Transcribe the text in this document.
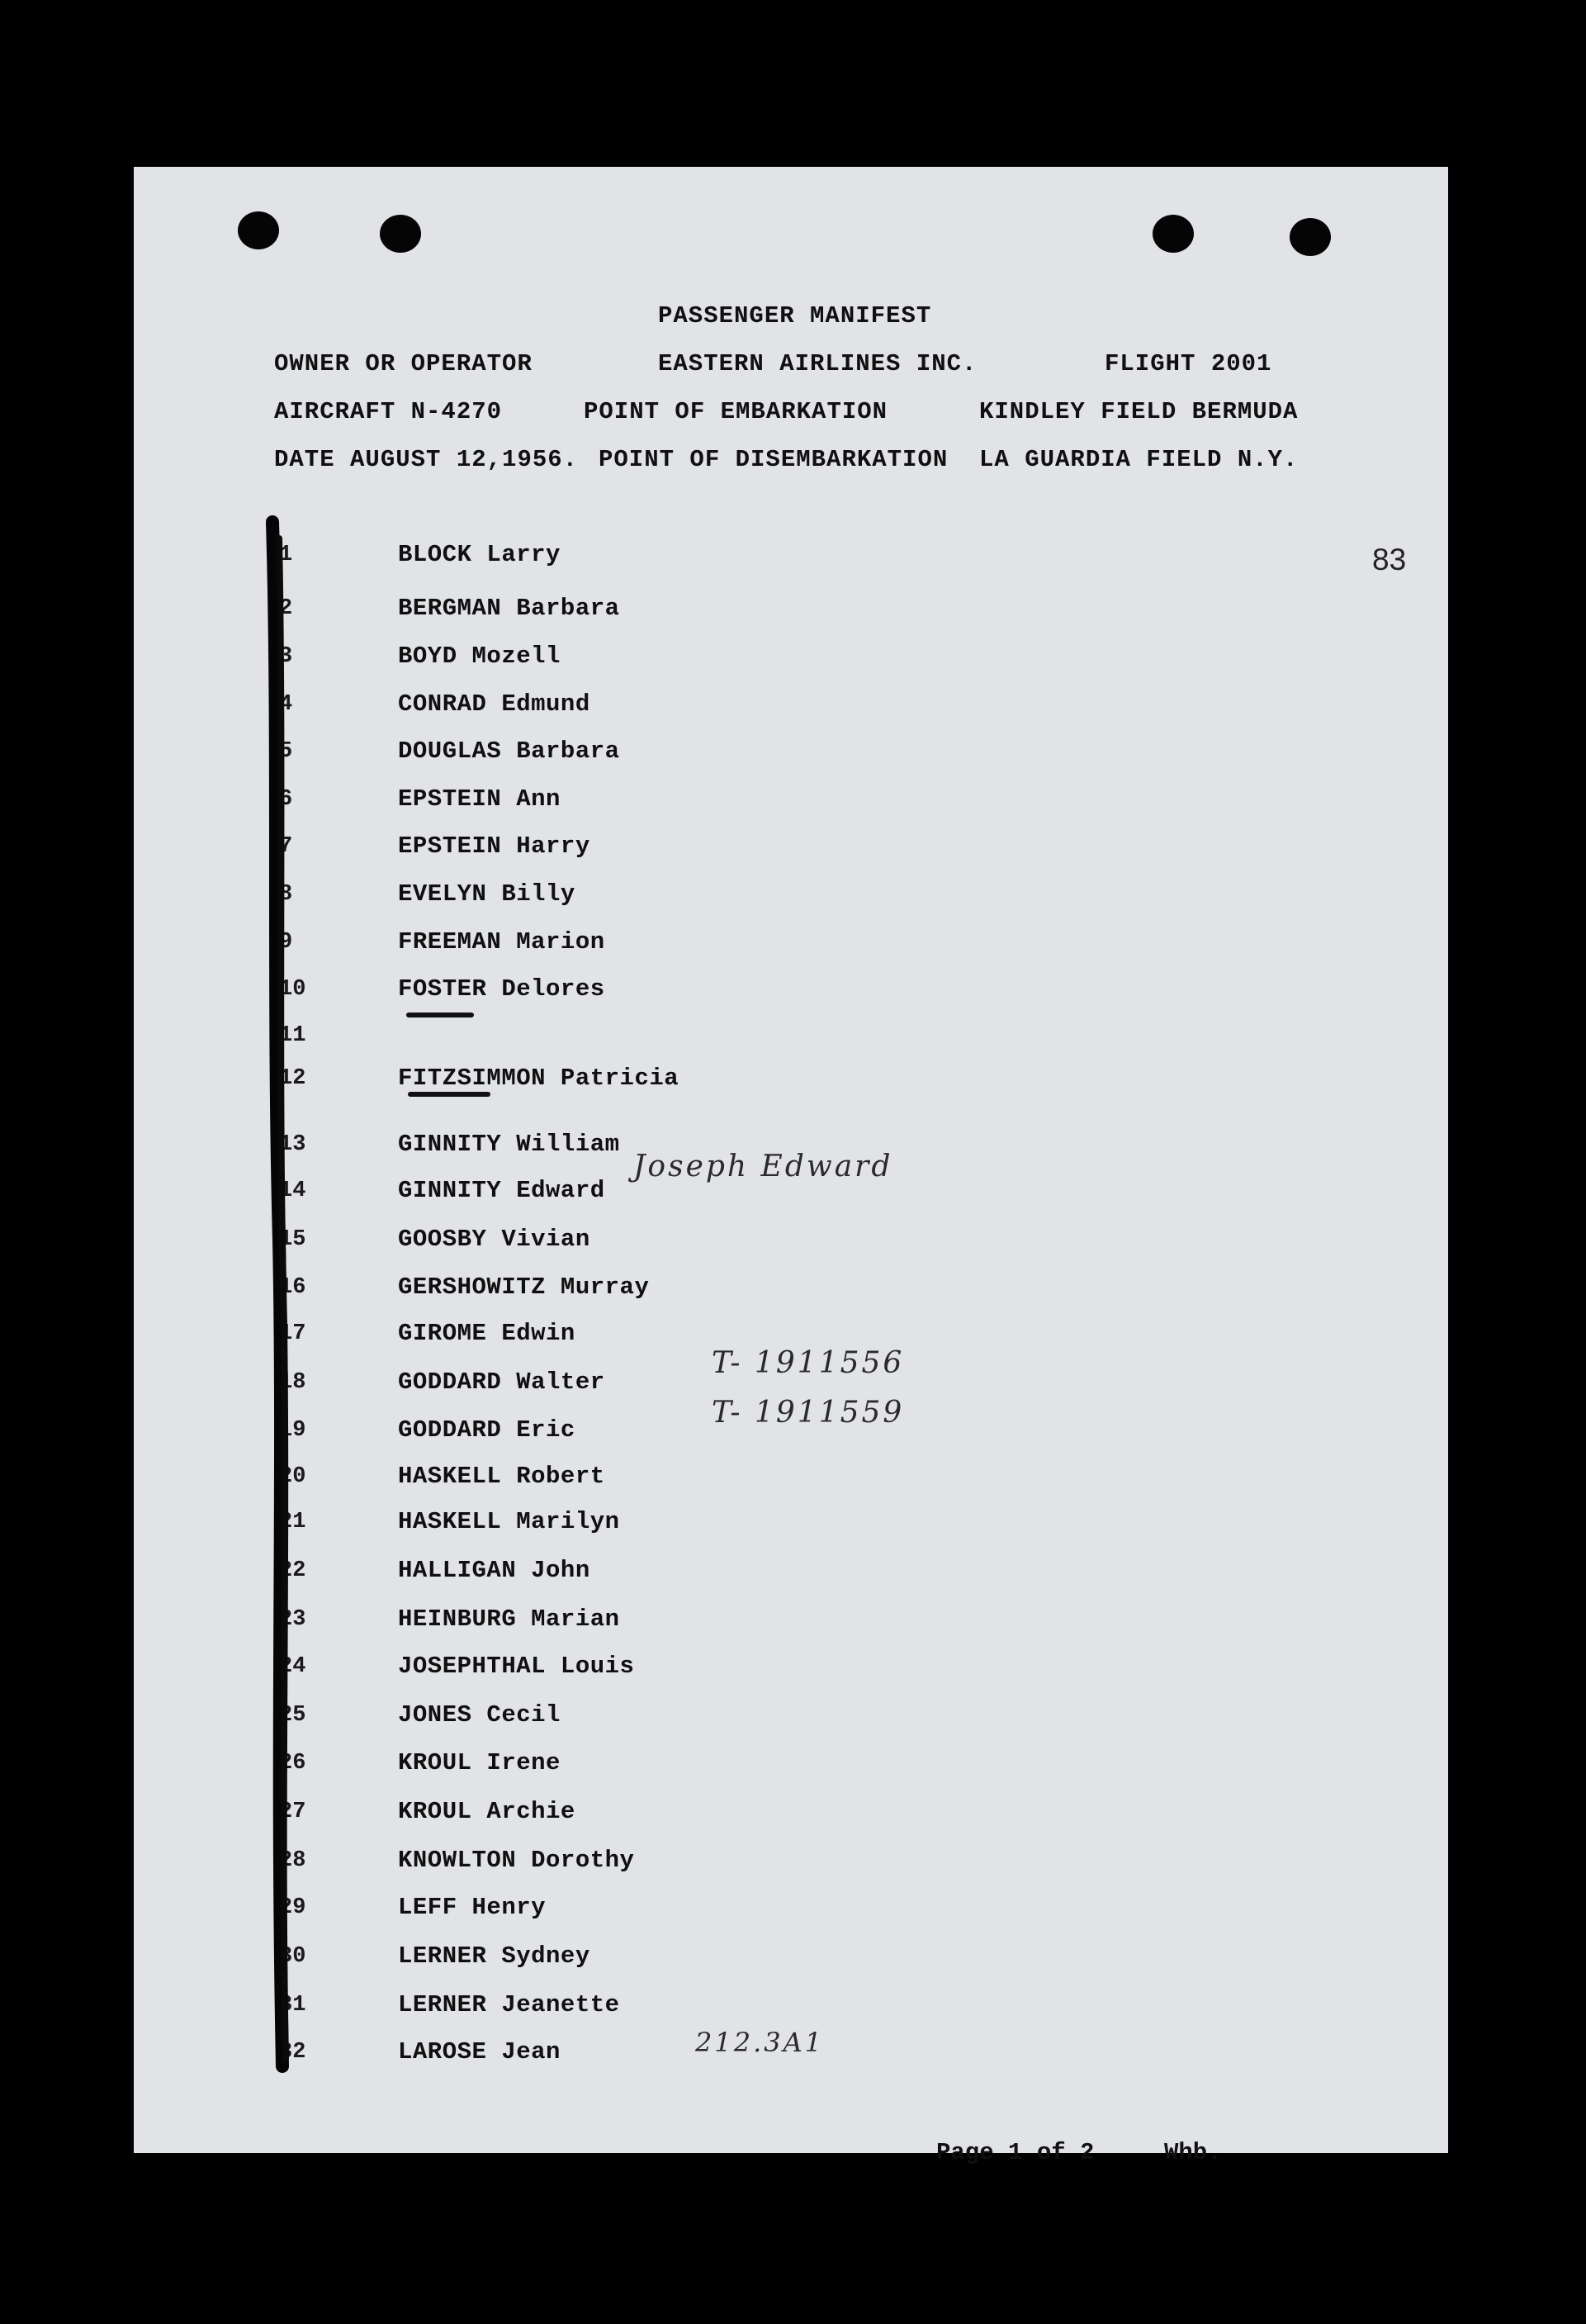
PASSENGER MANIFEST
OWNER OR OPERATOR	EASTERN AIRLINES INC.	FLIGHT 2001
AIRCRAFT N-4270	POINT OF EMBARKATION	KINDLEY FIELD BERMUDA
DATE AUGUST 12,1956. POINT OF DISEMBARKATION LA GUARDIA FIELD N.Y.
83
1	BLOCK Larry
2	BERGMAN Barbara
3	BOYD Mozell
4	CONRAD Edmund
5	DOUGLAS Barbara
6	EPSTEIN Ann
7	EPSTEIN Harry
8	EVELYN Billy
9	FREEMAN Marion
10	FOSTER Delores
11
12	FITZSIMMON Patricia
13	GINNITY William
14	GINNITY Edward
15	GOOSBY Vivian
16	GERSHOWITZ Murray
17	GIROME Edwin
18	GODDARD Walter
19	GODDARD Eric
20	HASKELL Robert
21	HASKELL Marilyn
22	HALLIGAN John
23	HEINBURG Marian
24	JOSEPHTHAL Louis
25	JONES Cecil
26	KROUL Irene
27	KROUL Archie
28	KNOWLTON Dorothy
29	LEFF Henry
30	LERNER Sydney
31	LERNER Jeanette
32	LAROSE Jean
Joseph Edward
T- 1911556
T- 1911559
212.3A1
Page 1 of 2	Whb.
